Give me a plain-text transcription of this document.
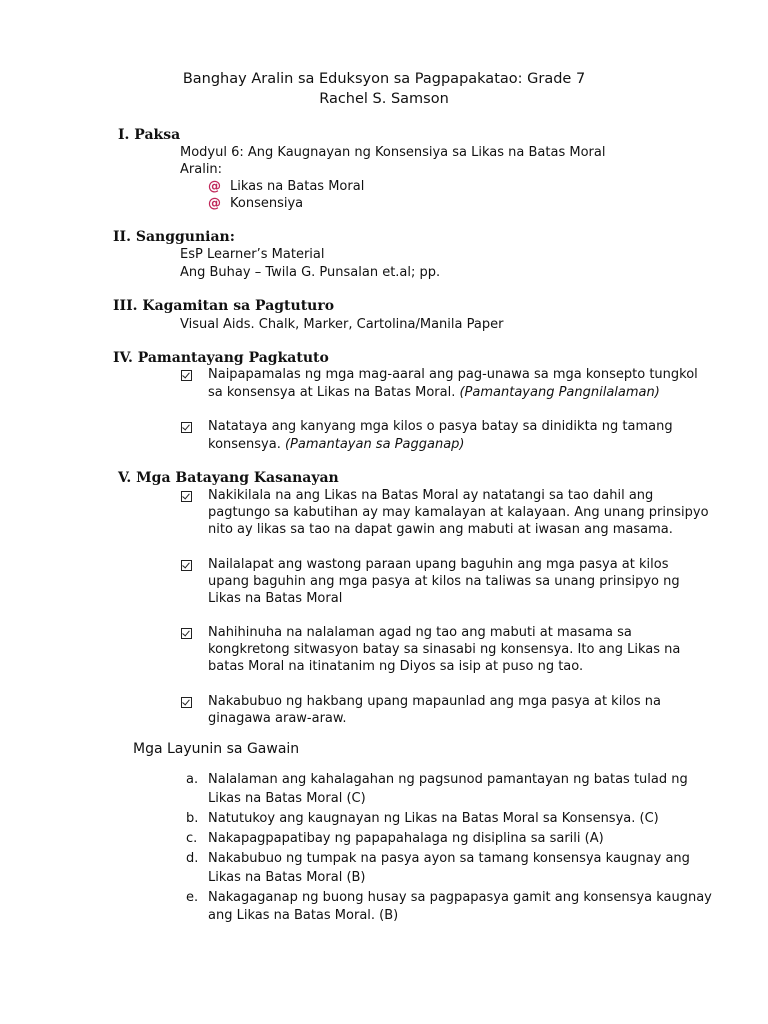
Banghay Aralin sa Eduksyon sa Pagpapakatao: Grade 7
Rachel S. Samson
I. Paksa
Modyul 6: Ang Kaugnayan ng Konsensiya sa Likas na Batas Moral
Aralin:
@ Likas na Batas Moral
@ Konsensiya
II. Sanggunian:
EsP Learner’s Material
Ang Buhay – Twila G. Punsalan et.al; pp.
III. Kagamitan sa Pagtuturo
Visual Aids. Chalk, Marker, Cartolina/Manila Paper
IV. Pamantayang Pagkatuto
Naipapamalas ng mga mag-aaral ang pag-unawa sa mga konsepto tungkol
sa konsensya at Likas na Batas Moral. (Pamantayang Pangnilalaman)
Natataya ang kanyang mga kilos o pasya batay sa dinidikta ng tamang
konsensya. (Pamantayan sa Pagganap)
V. Mga Batayang Kasanayan
Nakikilala na ang Likas na Batas Moral ay natatangi sa tao dahil ang
pagtungo sa kabutihan ay may kamalayan at kalayaan. Ang unang prinsipyo
nito ay likas sa tao na dapat gawin ang mabuti at iwasan ang masama.
Nailalapat ang wastong paraan upang baguhin ang mga pasya at kilos
upang baguhin ang mga pasya at kilos na taliwas sa unang prinsipyo ng
Likas na Batas Moral
Nahihinuha na nalalaman agad ng tao ang mabuti at masama sa
kongkretong sitwasyon batay sa sinasabi ng konsensya. Ito ang Likas na
batas Moral na itinatanim ng Diyos sa isip at puso ng tao.
Nakabubuo ng hakbang upang mapaunlad ang mga pasya at kilos na
ginagawa araw-araw.
Mga Layunin sa Gawain
a. Nalalaman ang kahalagahan ng pagsunod pamantayan ng batas tulad ng
Likas na Batas Moral (C)
b. Natutukoy ang kaugnayan ng Likas na Batas Moral sa Konsensya. (C)
c. Nakapagpapatibay ng papapahalaga ng disiplina sa sarili (A)
d. Nakabubuo ng tumpak na pasya ayon sa tamang konsensya kaugnay ang
Likas na Batas Moral (B)
e. Nakagaganap ng buong husay sa pagpapasya gamit ang konsensya kaugnay
ang Likas na Batas Moral. (B)
